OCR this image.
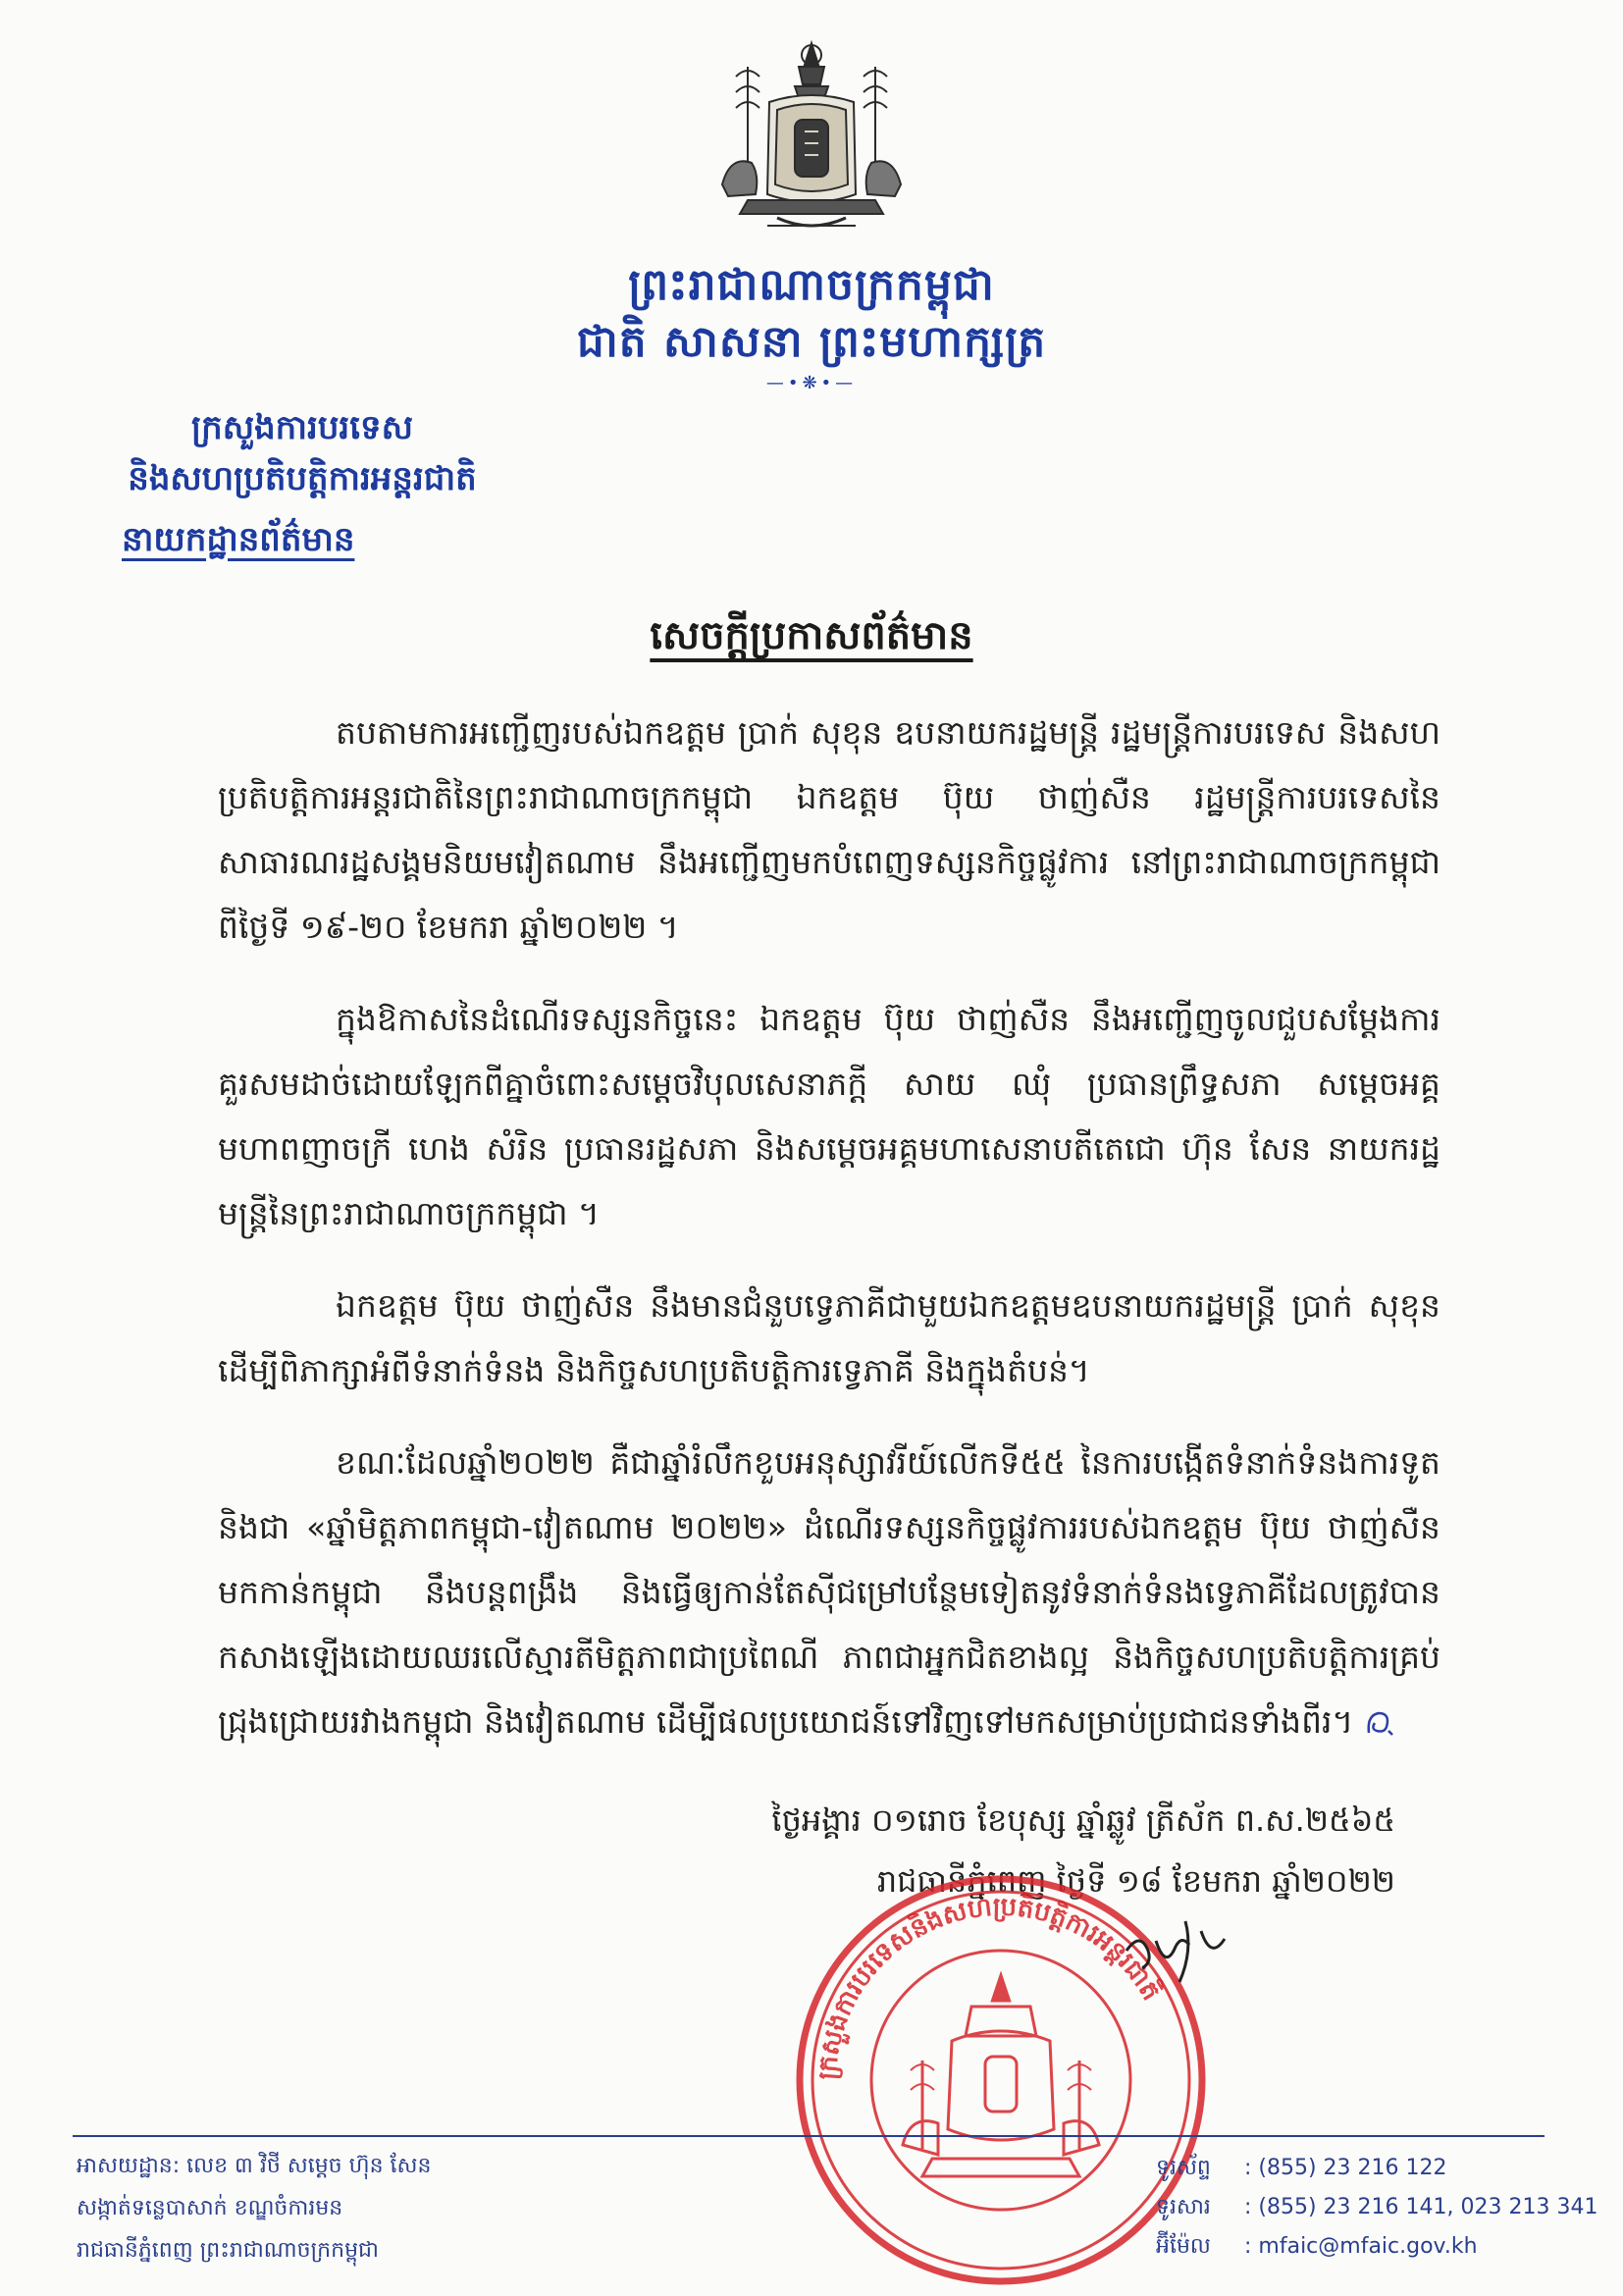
ព្រះរាជាណាចក្រកម្ពុជា
ជាតិ សាសនា ព្រះមហាក្សត្រ
—•❋•—
ក្រសួងការបរទេស
និងសហប្រតិបត្តិការអន្តរជាតិ
នាយកដ្ឋានព័ត៌មាន
សេចក្ដីប្រកាសព័ត៌មាន

តបតាមការអញ្ជើញរបស់ឯកឧត្តម ប្រាក់ សុខុន ឧបនាយករដ្ឋមន្ត្រី រដ្ឋមន្ត្រីការបរទេស និងសហប្រតិបត្តិការអន្តរជាតិនៃព្រះរាជាណាចក្រកម្ពុជា ឯកឧត្តម ប៊ុយ ថាញ់សឺន រដ្ឋមន្ត្រីការបរទេសនៃសាធារណរដ្ឋសង្គមនិយមវៀតណាម នឹងអញ្ជើញមកបំពេញទស្សនកិច្ចផ្លូវការ នៅព្រះរាជាណាចក្រកម្ពុជា ពីថ្ងៃទី ១៩-២០ ខែមករា ឆ្នាំ២០២២ ។

ក្នុងឱកាសនៃដំណើរទស្សនកិច្ចនេះ ឯកឧត្តម ប៊ុយ ថាញ់សឺន នឹងអញ្ជើញចូលជួបសម្ដែងការគួរសមដាច់ដោយឡែកពីគ្នាចំពោះសម្ដេចវិបុលសេនាភក្ដី សាយ ឈុំ ប្រធានព្រឹទ្ធសភា សម្ដេចអគ្គមហាពញាចក្រី ហេង សំរិន ប្រធានរដ្ឋសភា និងសម្ដេចអគ្គមហាសេនាបតីតេជោ ហ៊ុន សែន នាយករដ្ឋមន្ត្រីនៃព្រះរាជាណាចក្រកម្ពុជា ។

ឯកឧត្តម ប៊ុយ ថាញ់សឺន នឹងមានជំនួបទ្វេភាគីជាមួយឯកឧត្តមឧបនាយករដ្ឋមន្ត្រី ប្រាក់ សុខុន ដើម្បីពិភាក្សាអំពីទំនាក់ទំនង និងកិច្ចសហប្រតិបត្តិការទ្វេភាគី និងក្នុងតំបន់។

ខណៈដែលឆ្នាំ២០២២ គឺជាឆ្នាំរំលឹកខួបអនុស្សាវរីយ៍លើកទី៥៥ នៃការបង្កើតទំនាក់ទំនងការទូត និងជា «ឆ្នាំមិត្តភាពកម្ពុជា-វៀតណាម ២០២២» ដំណើរទស្សនកិច្ចផ្លូវការរបស់ឯកឧត្តម ប៊ុយ ថាញ់សឺន មកកាន់កម្ពុជា នឹងបន្តពង្រឹង និងធ្វើឲ្យកាន់តែស៊ីជម្រៅបន្ថែមទៀតនូវទំនាក់ទំនងទ្វេភាគីដែលត្រូវបានកសាងឡើងដោយឈរលើស្មារតីមិត្តភាពជាប្រពៃណី ភាពជាអ្នកជិតខាងល្អ និងកិច្ចសហប្រតិបត្តិការគ្រប់ជ្រុងជ្រោយរវាងកម្ពុជា និងវៀតណាម ដើម្បីផលប្រយោជន៍ទៅវិញទៅមកសម្រាប់ប្រជាជនទាំងពីរ។

ថ្ងៃអង្គារ ០១រោច ខែបុស្ស ឆ្នាំឆ្លូវ ត្រីស័ក ព.ស.២៥៦៥
រាជធានីភ្នំពេញ ថ្ងៃទី ១៨ ខែមករា ឆ្នាំ២០២២
ក្រសួងការបរទេសនិងសហប្រតិបត្តិការអន្តរជាតិ
អាសយដ្ឋាន: លេខ ៣ វិថី សម្ដេច ហ៊ុន សែន
សង្កាត់ទន្លេបាសាក់ ខណ្ឌចំការមន
រាជធានីភ្នំពេញ ព្រះរាជាណាចក្រកម្ពុជា
ទូរស័ព្ទ : (855) 23 216 122
ទូរសារ : (855) 23 216 141, 023 213 341
អ៊ីម៉ែល : mfaic@mfaic.gov.kh
